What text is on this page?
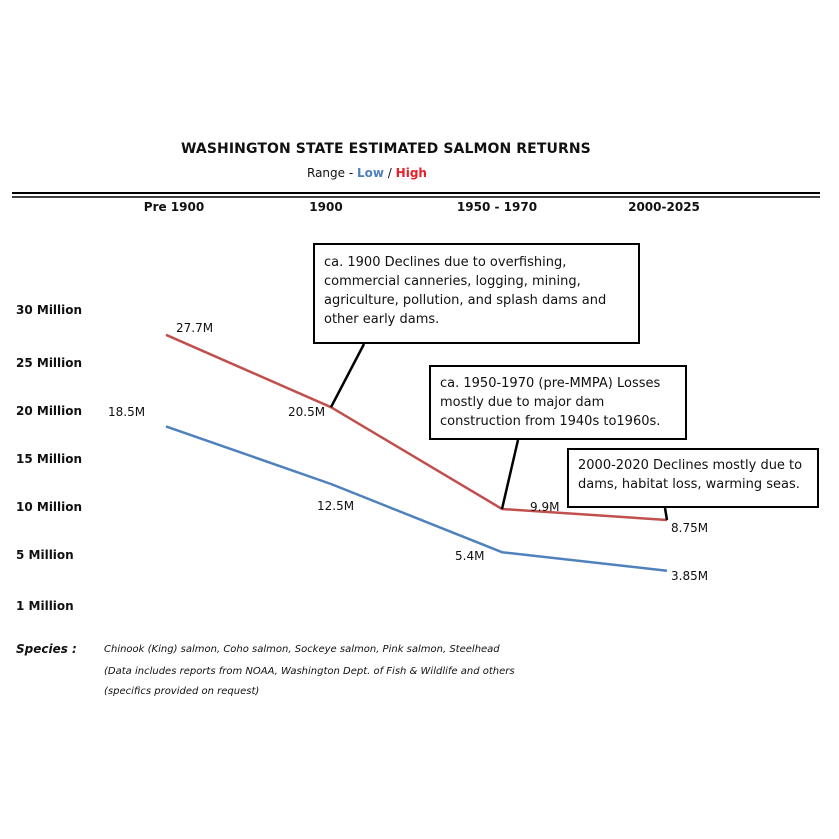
WASHINGTON STATE ESTIMATED SALMON RETURNS
Range - Low / High
Pre 1900	1900	1950 - 1970	2000-2025
30 Million
25 Million
20 Million
15 Million
10 Million
5 Million
1 Million
27.7M
20.5M
9.9M
8.75M
18.5M
12.5M
5.4M
3.85M
ca. 1900 Declines due to overfishing, commercial canneries, logging, mining, agriculture, pollution, and splash dams and other early dams.
ca. 1950-1970 (pre-MMPA) Losses mostly due to major dam construction from 1940s to1960s.
2000-2020 Declines mostly due to dams, habitat loss, warming seas.
Species :	Chinook (King) salmon, Coho salmon, Sockeye salmon, Pink salmon, Steelhead
(Data includes reports from NOAA, Washington Dept. of Fish & Wildlife and others
(specifics provided on request)
